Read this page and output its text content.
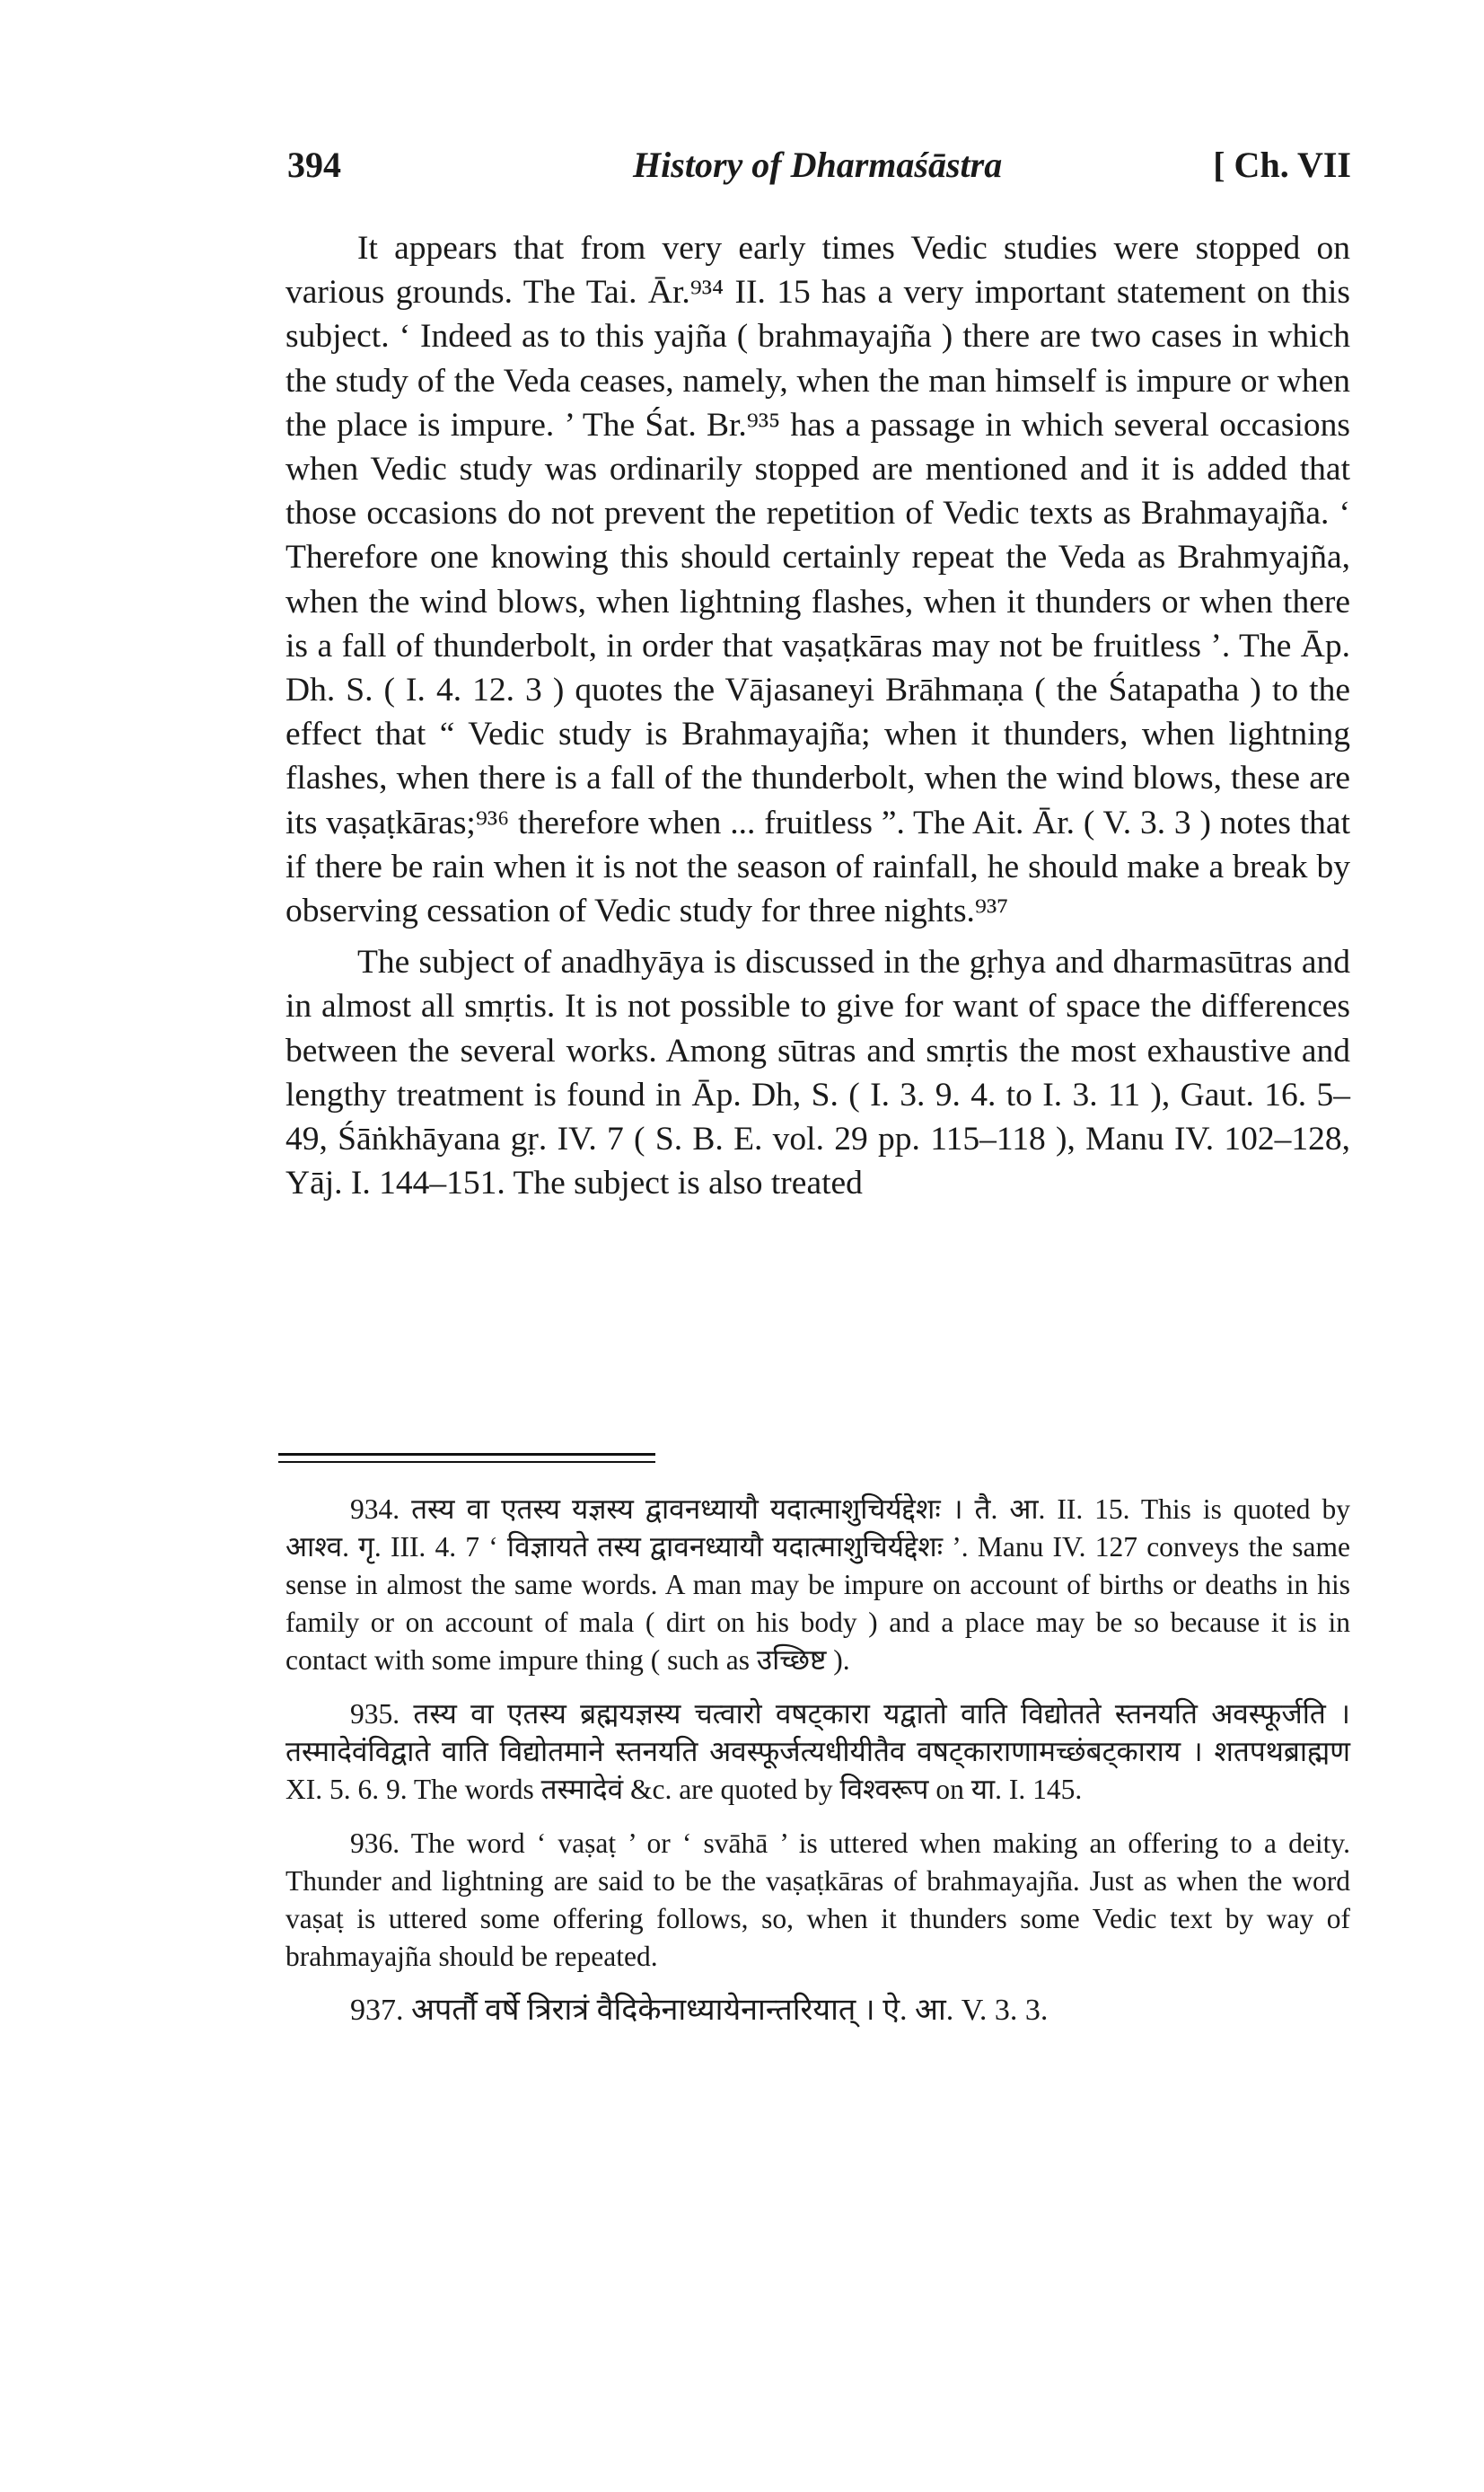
394	History of Dharmaśāstra	[ Ch. VII

It appears that from very early times Vedic studies were stopped on various grounds. The Tai. Ār.⁹³⁴ II. 15 has a very important statement on this subject. ‘ Indeed as to this yajña ( brahmayajña ) there are two cases in which the study of the Veda ceases, namely, when the man himself is impure or when the place is impure. ’ The Śat. Br.⁹³⁵ has a passage in which several occasions when Vedic study was ordinarily stopped are mentioned and it is added that those occasions do not prevent the repetition of Vedic texts as Brahmayajña. ‘ Therefore one knowing this should certainly repeat the Veda as Brahmyajña, when the wind blows, when lightning flashes, when it thunders or when there is a fall of thunderbolt, in order that vaṣaṭkāras may not be fruitless ’. The Āp. Dh. S. ( I. 4. 12. 3 ) quotes the Vājasaneyi Brāhmaṇa ( the Śatapatha ) to the effect that “ Vedic study is Brahmayajña; when it thunders, when lightning flashes, when there is a fall of the thunderbolt, when the wind blows, these are its vaṣaṭkāras;⁹³⁶ therefore when ... fruitless ”. The Ait. Ār. ( V. 3. 3 ) notes that if there be rain when it is not the season of rainfall, he should make a break by observing cessation of Vedic study for three nights.⁹³⁷

The subject of anadhyāya is discussed in the gṛhya and dharmasūtras and in almost all smṛtis. It is not possible to give for want of space the differences between the several works. Among sūtras and smṛtis the most exhaustive and lengthy treatment is found in Āp. Dh, S. ( I. 3. 9. 4. to I. 3. 11 ), Gaut. 16. 5–49, Śāṅkhāyana gṛ. IV. 7 ( S. B. E. vol. 29 pp. 115–118 ), Manu IV. 102–128, Yāj. I. 144–151. The subject is also treated

934. तस्य वा एतस्य यज्ञस्य द्वावनध्यायौ यदात्माशुचिर्यद्देशः । तै. आ. II. 15. This is quoted by आश्व. गृ. III. 4. 7 ‘ विज्ञायते तस्य द्वावनध्यायौ यदात्माशुचिर्यद्देशः ’. Manu IV. 127 conveys the same sense in almost the same words. A man may be impure on account of births or deaths in his family or on account of mala ( dirt on his body ) and a place may be so because it is in contact with some impure thing ( such as उच्छिष्ट ).

935. तस्य वा एतस्य ब्रह्मयज्ञस्य चत्वारो वषट्कारा यद्वातो वाति विद्योतते स्तनयति अवस्फूर्जति । तस्मादेवंविद्वाते वाति विद्योतमाने स्तनयति अवस्फूर्जत्यधीयीतैव वषट्काराणामच्छंबट्काराय । शतपथब्राह्मण XI. 5. 6. 9. The words तस्मादेवं &c. are quoted by विश्वरूप on या. I. 145.

936. The word ‘ vaṣaṭ ’ or ‘ svāhā ’ is uttered when making an offering to a deity. Thunder and lightning are said to be the vaṣaṭkāras of brahmayajña. Just as when the word vaṣaṭ is uttered some offering follows, so, when it thunders some Vedic text by way of brahmayajña should be repeated.

937. अपर्तौ वर्षे त्रिरात्रं वैदिकेनाध्यायेनान्तरियात् । ऐ. आ. V. 3. 3.
